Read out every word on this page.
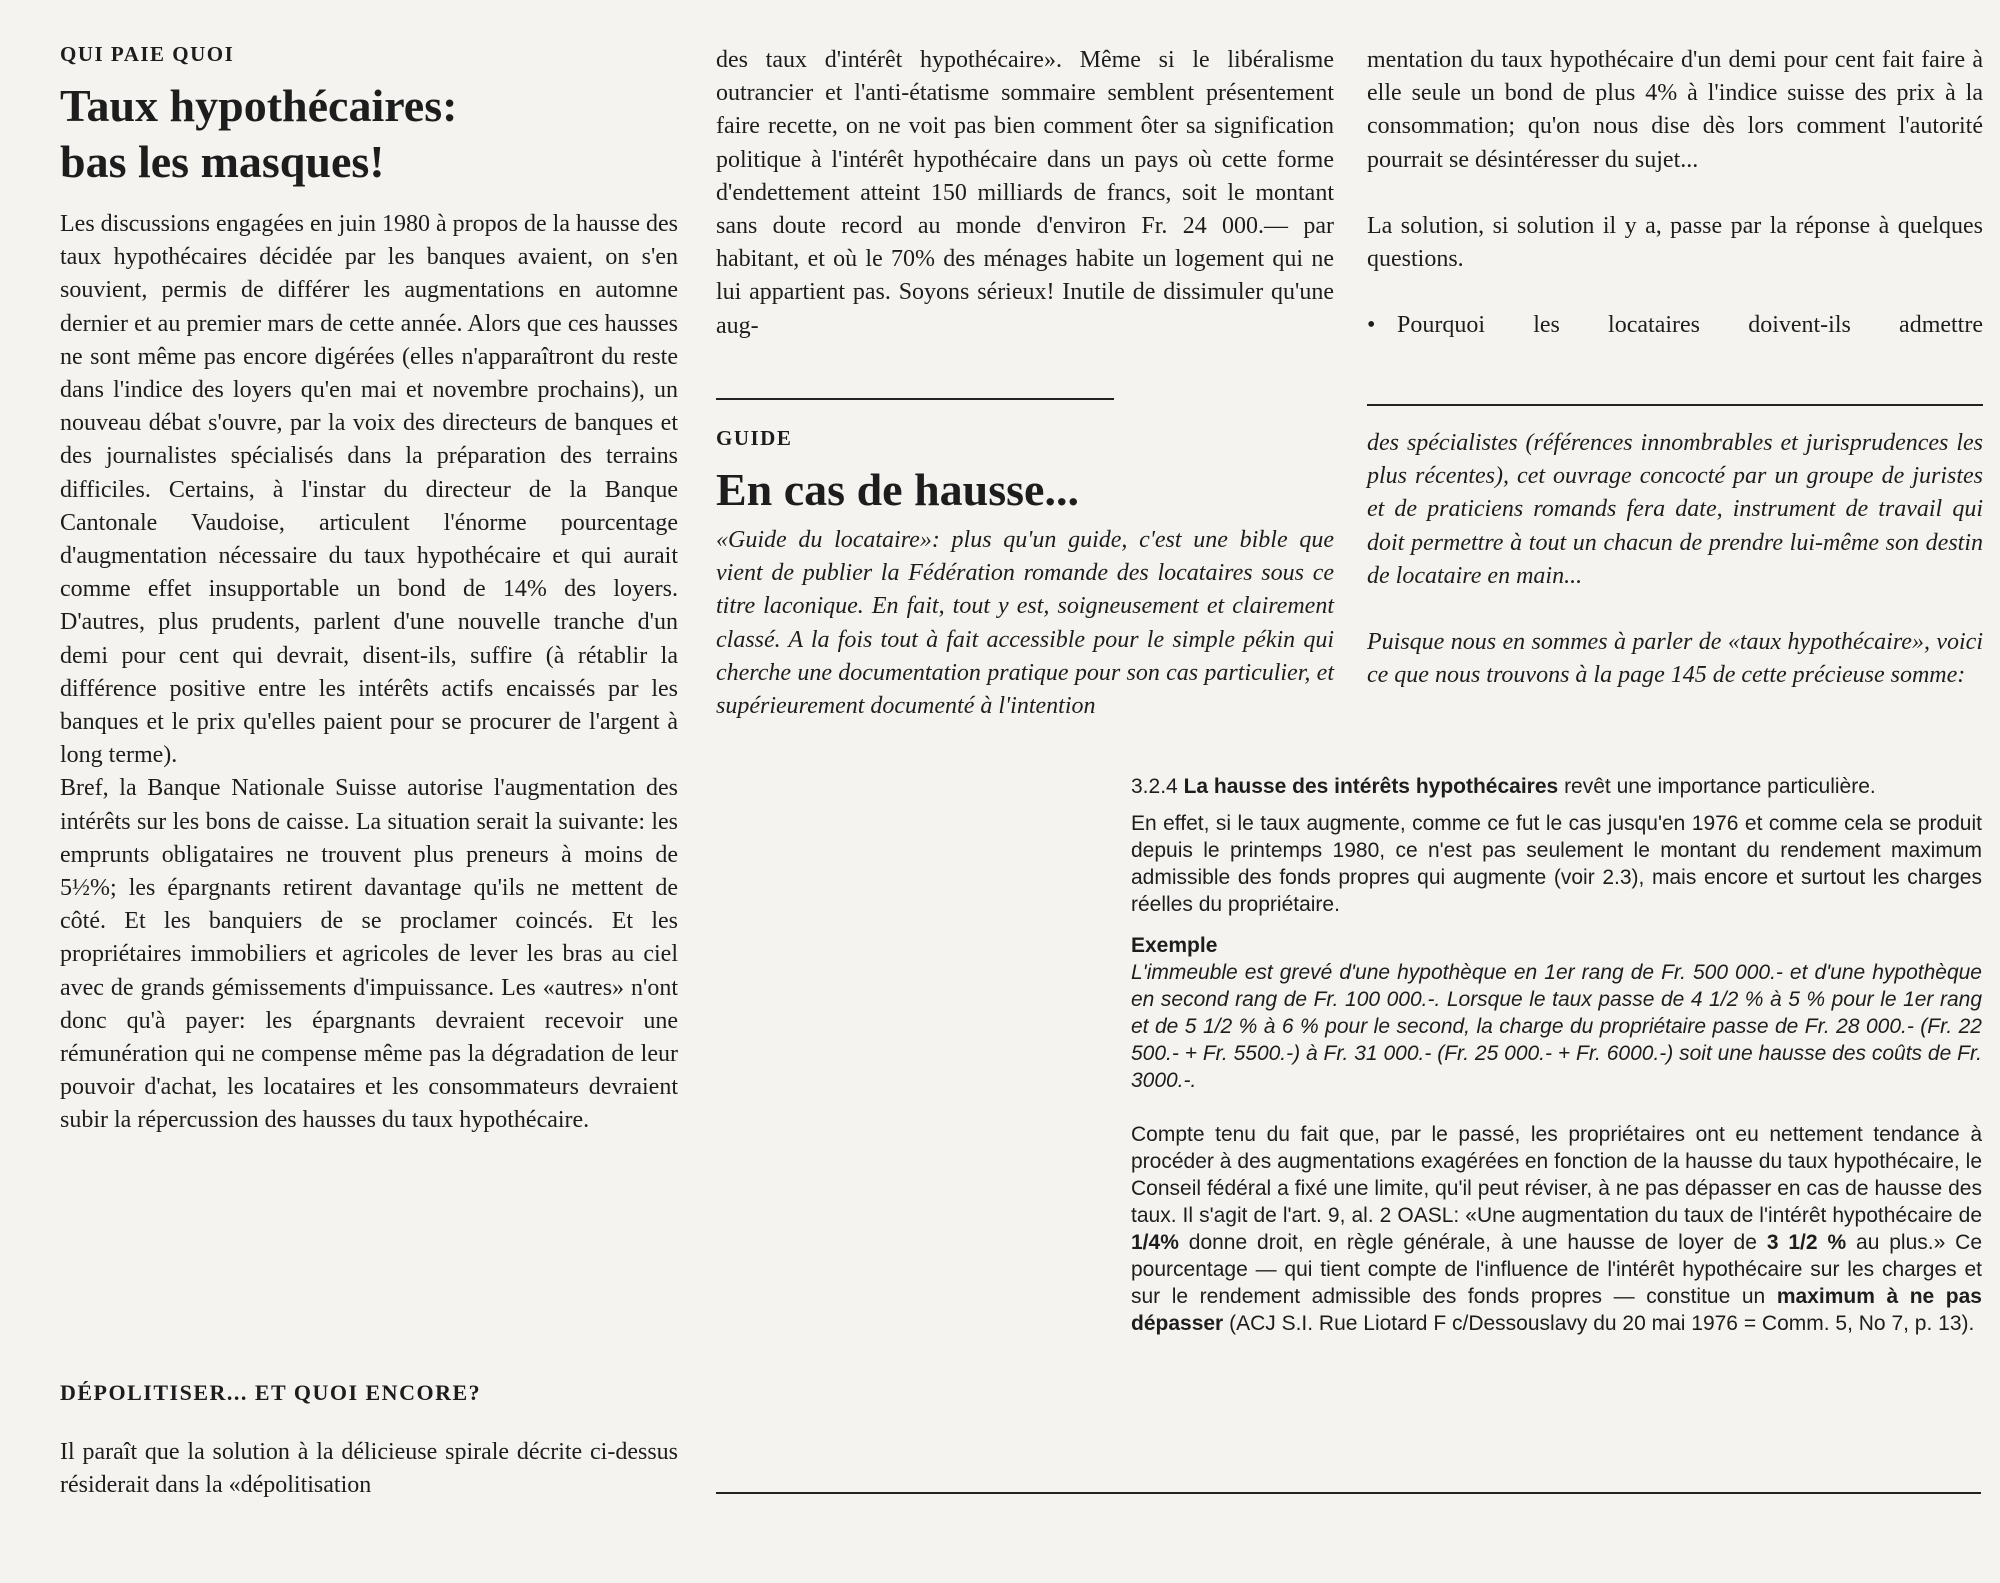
QUI PAIE QUOI
Taux hypothécaires:
bas les masques!

Les discussions engagées en juin 1980 à propos de la hausse des taux hypothécaires décidée par les banques avaient, on s'en souvient, permis de différer les augmentations en automne dernier et au premier mars de cette année. Alors que ces hausses ne sont même pas encore digérées (elles n'apparaîtront du reste dans l'indice des loyers qu'en mai et novembre prochains), un nouveau débat s'ouvre, par la voix des directeurs de banques et des journalistes spécialisés dans la préparation des terrains difficiles. Certains, à l'instar du directeur de la Banque Cantonale Vaudoise, articulent l'énorme pourcentage d'augmentation nécessaire du taux hypothécaire et qui aurait comme effet insupportable un bond de 14% des loyers. D'autres, plus prudents, parlent d'une nouvelle tranche d'un demi pour cent qui devrait, disent-ils, suffire (à rétablir la différence positive entre les intérêts actifs encaissés par les banques et le prix qu'elles paient pour se procurer de l'argent à long terme).

Bref, la Banque Nationale Suisse autorise l'augmentation des intérêts sur les bons de caisse. La situation serait la suivante: les emprunts obligataires ne trouvent plus preneurs à moins de 5½%; les épargnants retirent davantage qu'ils ne mettent de côté. Et les banquiers de se proclamer coincés. Et les propriétaires immobiliers et agricoles de lever les bras au ciel avec de grands gémissements d'impuissance. Les «autres» n'ont donc qu'à payer: les épargnants devraient recevoir une rémunération qui ne compense même pas la dégradation de leur pouvoir d'achat, les locataires et les consommateurs devraient subir la répercussion des hausses du taux hypothécaire.

DÉPOLITISER... ET QUOI ENCORE?

Il paraît que la solution à la délicieuse spirale décrite ci-dessus résiderait dans la «dépolitisation

des taux d'intérêt hypothécaire». Même si le libéralisme outrancier et l'anti-étatisme sommaire semblent présentement faire recette, on ne voit pas bien comment ôter sa signification politique à l'intérêt hypothécaire dans un pays où cette forme d'endettement atteint 150 milliards de francs, soit le montant sans doute record au monde d'environ Fr. 24 000.— par habitant, et où le 70% des ménages habite un logement qui ne lui appartient pas. Soyons sérieux! Inutile de dissimuler qu'une aug-

mentation du taux hypothécaire d'un demi pour cent fait faire à elle seule un bond de plus 4% à l'indice suisse des prix à la consommation; qu'on nous dise dès lors comment l'autorité pourrait se désintéresser du sujet...

La solution, si solution il y a, passe par la réponse à quelques questions.

• Pourquoi les locataires doivent-ils admettre

GUIDE
En cas de hausse...

«Guide du locataire»: plus qu'un guide, c'est une bible que vient de publier la Fédération romande des locataires sous ce titre laconique. En fait, tout y est, soigneusement et clairement classé. A la fois tout à fait accessible pour le simple pékin qui cherche une documentation pratique pour son cas particulier, et supérieurement documenté à l'intention

des spécialistes (références innombrables et jurisprudences les plus récentes), cet ouvrage concocté par un groupe de juristes et de praticiens romands fera date, instrument de travail qui doit permettre à tout un chacun de prendre lui-même son destin de locataire en main...

Puisque nous en sommes à parler de «taux hypothécaire», voici ce que nous trouvons à la page 145 de cette précieuse somme:

3.2.4 La hausse des intérêts hypothécaires revêt une importance particulière.

En effet, si le taux augmente, comme ce fut le cas jusqu'en 1976 et comme cela se produit depuis le printemps 1980, ce n'est pas seulement le montant du rendement maximum admissible des fonds propres qui augmente (voir 2.3), mais encore et surtout les charges réelles du propriétaire.

Exemple

L'immeuble est grevé d'une hypothèque en 1er rang de Fr. 500 000.- et d'une hypothèque en second rang de Fr. 100 000.-. Lorsque le taux passe de 4 1/2 % à 5 % pour le 1er rang et de 5 1/2 % à 6 % pour le second, la charge du propriétaire passe de Fr. 28 000.- (Fr. 22 500.- + Fr. 5500.-) à Fr. 31 000.- (Fr. 25 000.- + Fr. 6000.-) soit une hausse des coûts de Fr. 3000.-.

Compte tenu du fait que, par le passé, les propriétaires ont eu nettement tendance à procéder à des augmentations exagérées en fonction de la hausse du taux hypothécaire, le Conseil fédéral a fixé une limite, qu'il peut réviser, à ne pas dépasser en cas de hausse des taux. Il s'agit de l'art. 9, al. 2 OASL: «Une augmentation du taux de l'intérêt hypothécaire de 1/4% donne droit, en règle générale, à une hausse de loyer de 3 1/2 % au plus.» Ce pourcentage — qui tient compte de l'influence de l'intérêt hypothécaire sur les charges et sur le rendement admissible des fonds propres — constitue un maximum à ne pas dépasser (ACJ S.I. Rue Liotard F c/Dessouslavy du 20 mai 1976 = Comm. 5, No 7, p. 13).
